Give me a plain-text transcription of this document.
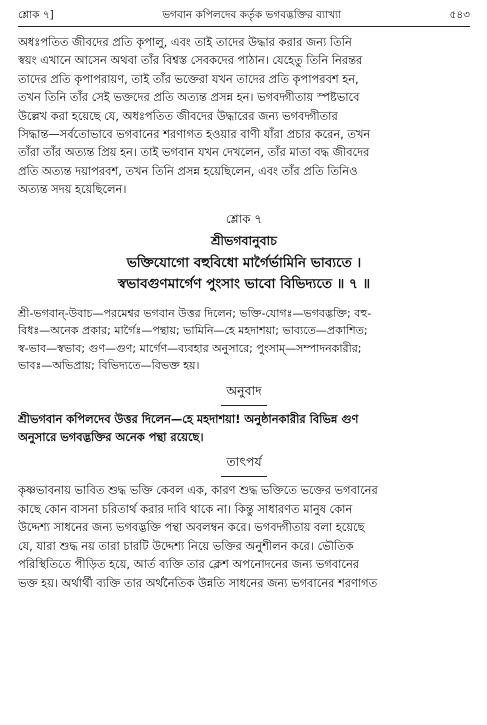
শ্লোক ৭]	ভগবান কপিলদেব কর্তৃক ভগবদ্ভক্তির ব্যাখ্যা	৫৪৩
অধঃপতিত জীবদের প্রতি কৃপালু, এবং তাই তাদের উদ্ধার করার জন্য তিনি
স্বয়ং এখানে আসেন অথবা তাঁর বিশ্বস্ত সেবকদের পাঠান। যেহেতু তিনি নিরন্তর
তাদের প্রতি কৃপাপরায়ণ, তাই তাঁর ভক্তেরা যখন তাদের প্রতি কৃপাপরবশ হন,
তখন তিনি তাঁর সেই ভক্তদের প্রতি অত্যন্ত প্রসন্ন হন। ভগবদ্গীতায় স্পষ্টভাবে
উল্লেখ করা হয়েছে যে, অধঃপতিত জীবদের উদ্ধারের জন্য ভগবদ্গীতার
সিদ্ধান্ত—সর্বতোভাবে ভগবানের শরণাগত হওয়ার বাণী যাঁরা প্রচার করেন, তখন
তাঁরা তাঁর অত্যন্ত প্রিয় হন। তাই ভগবান যখন দেখলেন, তাঁর মাতা বদ্ধ জীবদের
প্রতি অত্যন্ত দয়াপরবশ, তখন তিনি প্রসন্ন হয়েছিলেন, এবং তাঁর প্রতি তিনিও
অত্যন্ত সদয় হয়েছিলেন।
শ্লোক ৭
শ্রীভগবানুবাচ
ভক্তিযোগো বহুবিধো মার্গৈর্ভামিনি ভাব্যতে ।
স্বভাবগুণমার্গেণ পুংসাং ভাবো বিভিদ্যতে ॥ ৭ ॥
শ্রী-ভগবান্-উবাচ—পরমেশ্বর ভগবান উত্তর দিলেন; ভক্তি-যোগঃ—ভগবদ্ভক্তি; বহু-
বিধঃ—অনেক প্রকার; মার্গৈঃ—পন্থায়; ভামিনি—হে মহদাশয়া; ভাব্যতে—প্রকাশিত;
স্ব-ভাব—স্বভাব; গুণ—গুণ; মার্গেণ—ব্যবহার অনুসারে; পুংসাম্—সম্পাদনকারীর;
ভাবঃ—অভিপ্রায়; বিভিদ্যতে—বিভক্ত হয়।
অনুবাদ
শ্রীভগবান কপিলদেব উত্তর দিলেন—হে মহদাশয়া! অনুষ্ঠানকারীর বিভিন্ন গুণ
অনুসারে ভগবদ্ভক্তির অনেক পন্থা রয়েছে।
তাৎপর্য
কৃষ্ণভাবনায় ভাবিত শুদ্ধ ভক্তি কেবল এক, কারণ শুদ্ধ ভক্তিতে ভক্তের ভগবানের
কাছে কোন বাসনা চরিতার্থ করার দাবি থাকে না। কিন্তু সাধারণত মানুষ কোন
উদ্দেশ্য সাধনের জন্য ভগবদ্ভক্তি পন্থা অবলম্বন করে। ভগবদ্গীতায় বলা হয়েছে
যে, যারা শুদ্ধ নয় তারা চারটি উদ্দেশ্য নিয়ে ভক্তির অনুশীলন করে। ভৌতিক
পরিস্থিতিতে পীড়িত হয়ে, আর্ত ব্যক্তি তার ক্লেশ অপনোদনের জন্য ভগবানের
ভক্ত হয়। অর্থার্থী ব্যক্তি তার অর্থনৈতিক উন্নতি সাধনের জন্য ভগবানের শরণাগত
